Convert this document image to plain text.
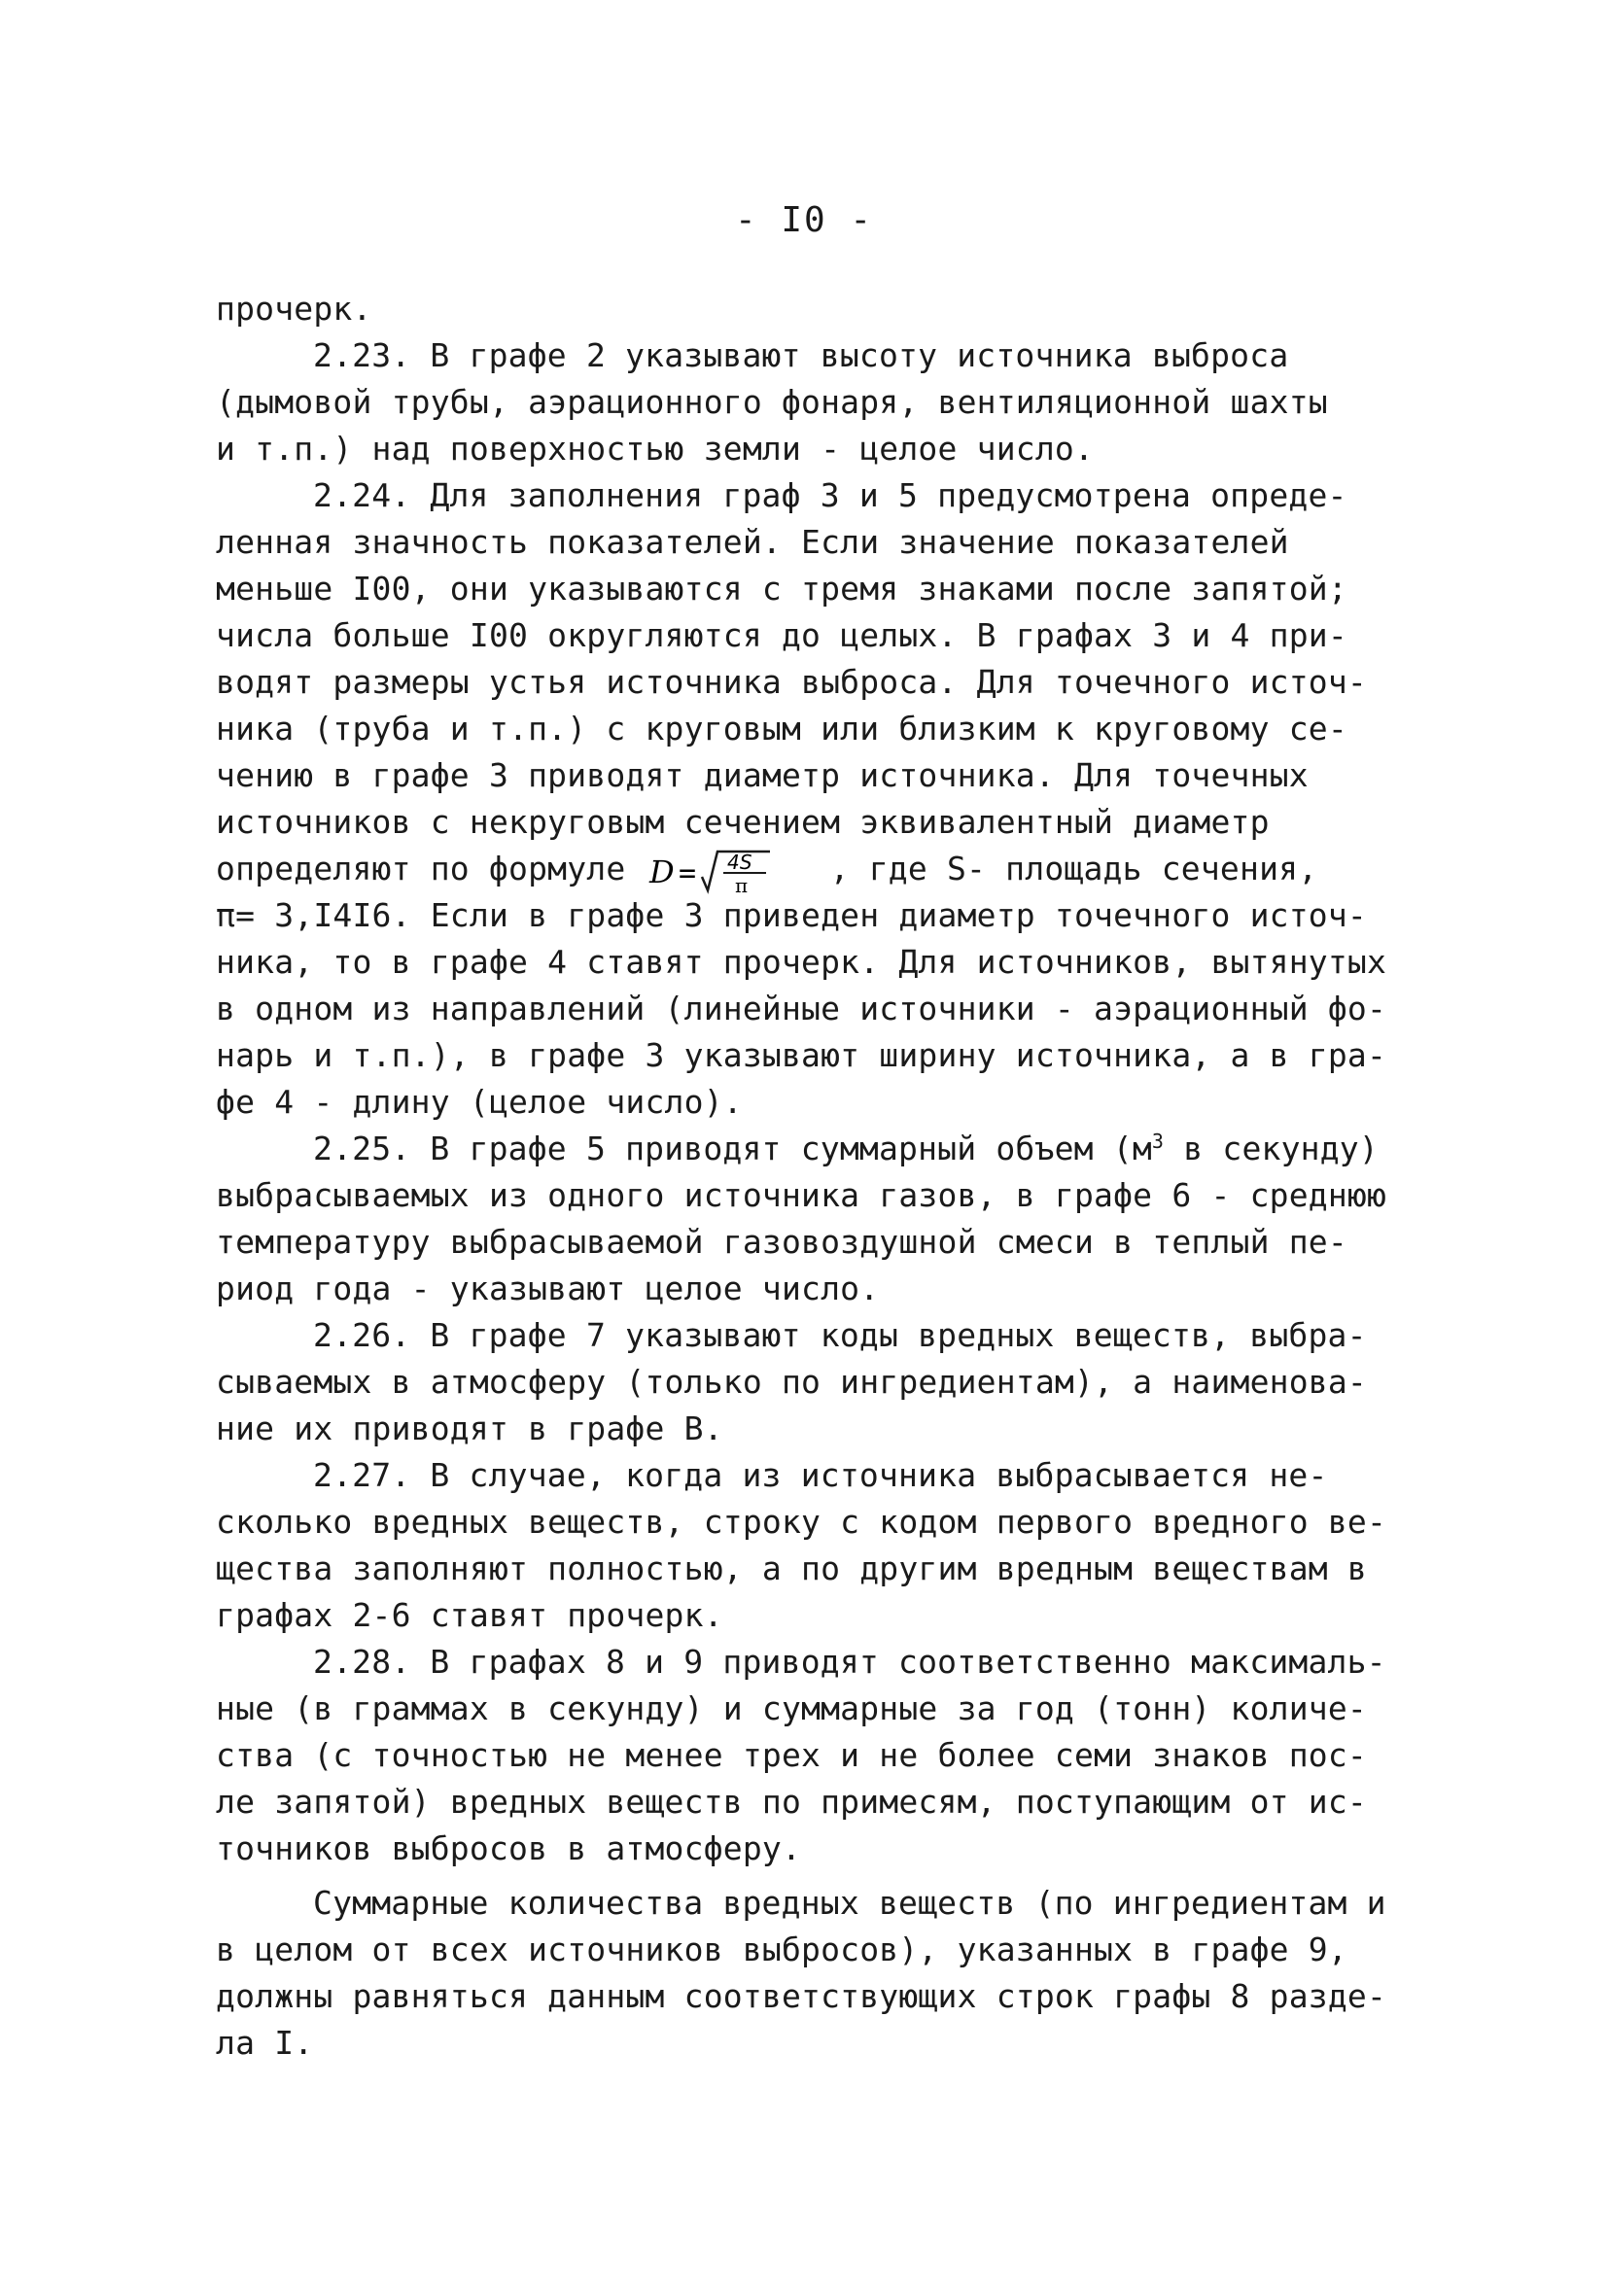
- I0 -
прочерк.
2.23. В графе 2 указывают высоту источника выброса
(дымовой трубы, аэрационного фонаря, вентиляционной шахты
и т.п.) над поверхностью земли - целое число.
2.24. Для заполнения граф 3 и 5 предусмотрена опреде-
ленная значность показателей. Если значение показателей
меньше I00, они указываются с тремя знаками после запятой;
числа больше I00 округляются до целых. В графах 3 и 4 при-
водят размеры устья источника выброса. Для точечного источ-
ника (труба и т.п.) с круговым или близким к круговому се-
чению в графе 3 приводят диаметр источника. Для точечных
источников с некруговым сечением эквивалентный диаметр
определяют по формуле D = 4S
π	, где S- площадь сечения,
π= 3,I4I6. Если в графе 3 приведен диаметр точечного источ-
ника, то в графе 4 ставят прочерк. Для источников, вытянутых
в одном из направлений (линейные источники - аэрационный фо-
нарь и т.п.), в графе 3 указывают ширину источника, а в гра-
фе 4 - длину (целое число).
2.25. В графе 5 приводят суммарный объем ($м^3$ в секунду)
выбрасываемых из одного источника газов, в графе 6 - среднюю
температуру выбрасываемой газовоздушной смеси в теплый пе-
риод года - указывают целое число.
2.26. В графе 7 указывают коды вредных веществ, выбра-
сываемых в атмосферу (только по ингредиентам), а наименова-
ние их приводят в графе В.
2.27. В случае, когда из источника выбрасывается не-
сколько вредных веществ, строку с кодом первого вредного ве-
щества заполняют полностью, а по другим вредным веществам в
графах 2-6 ставят прочерк.
2.28. В графах 8 и 9 приводят соответственно максималь-
ные (в граммах в секунду) и суммарные за год (тонн) количе-
ства (с точностью не менее трех и не более семи знаков пос-
ле запятой) вредных веществ по примесям, поступающим от ис-
точников выбросов в атмосферу.
Суммарные количества вредных веществ (по ингредиентам и
в целом от всех источников выбросов), указанных в графе 9,
должны равняться данным соответствующих строк графы 8 разде-
ла I.
